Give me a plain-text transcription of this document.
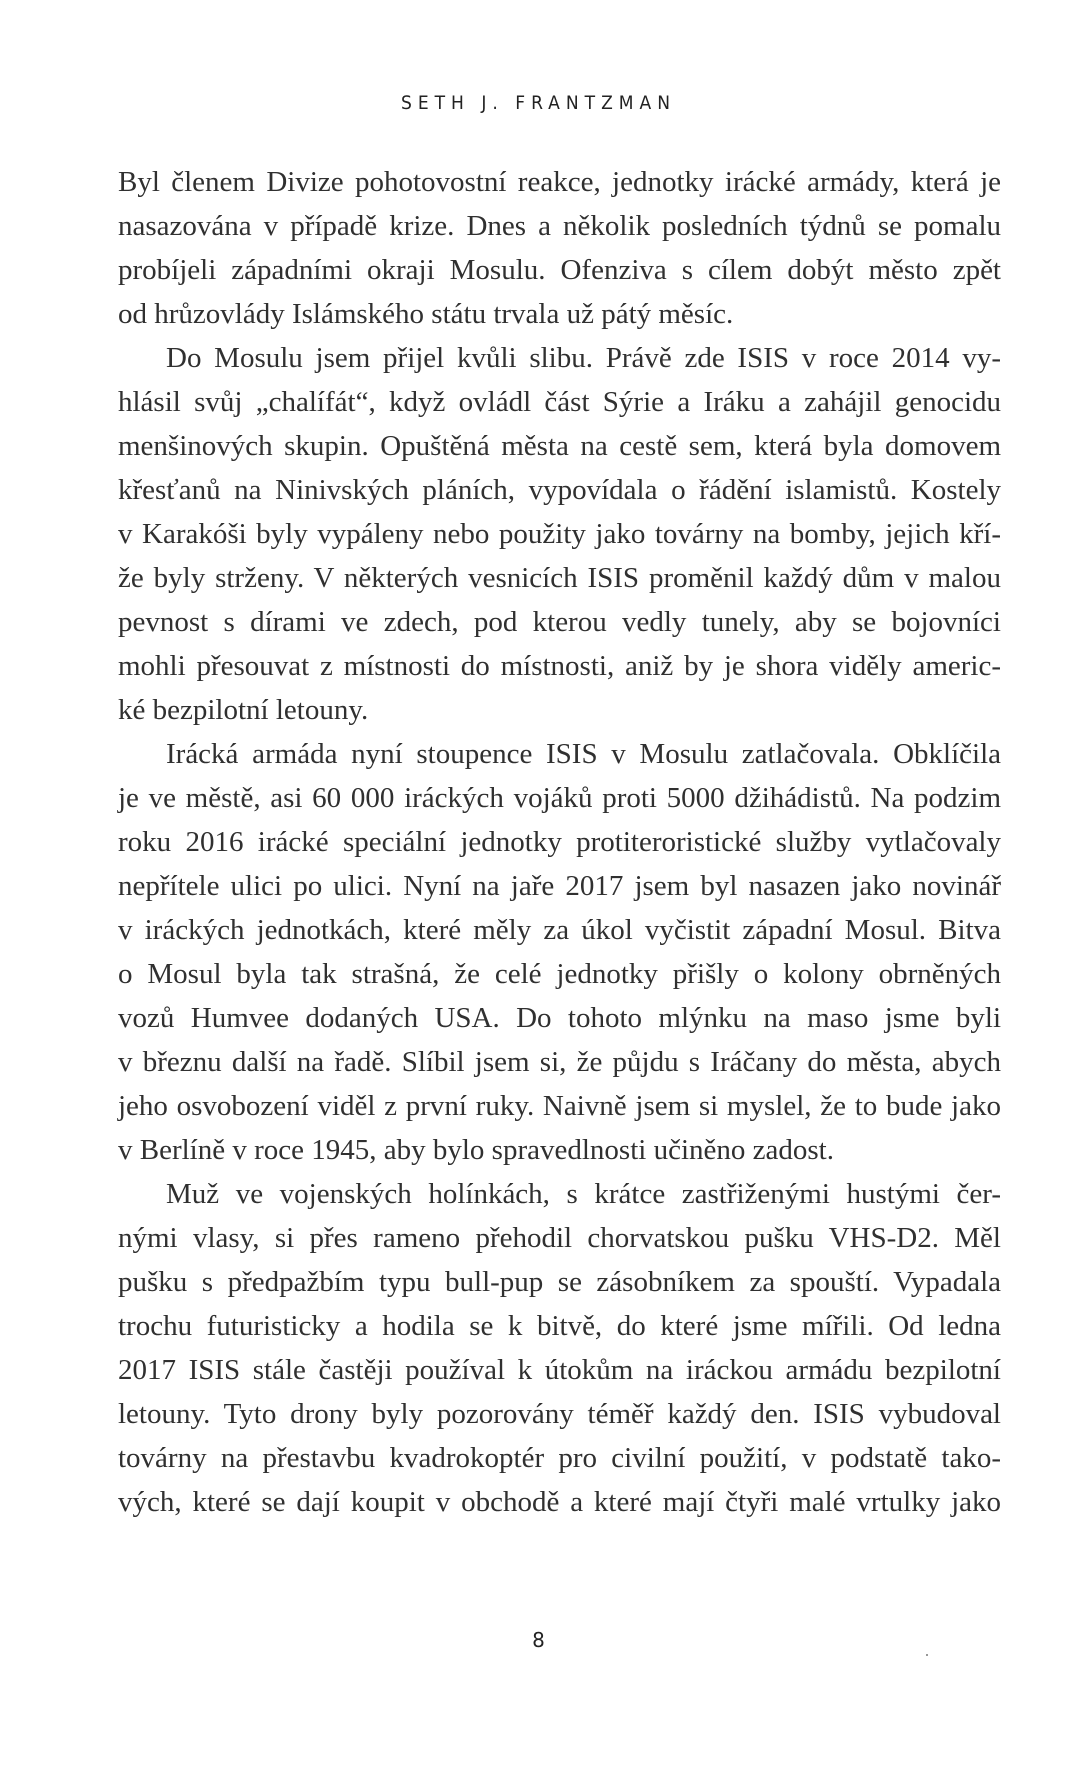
SETH J. FRANTZMAN

Byl členem Divize pohotovostní reakce, jednotky irácké armády, která je

nasazována v případě krize. Dnes a několik posledních týdnů se pomalu

probíjeli západními okraji Mosulu. Ofenziva s cílem dobýt město zpět

od hrůzovlády Islámského státu trvala už pátý měsíc.

Do Mosulu jsem přijel kvůli slibu. Právě zde ISIS v roce 2014 vy-

hlásil svůj „chalífát“, když ovládl část Sýrie a Iráku a zahájil genocidu

menšinových skupin. Opuštěná města na cestě sem, která byla domovem

křesťanů na Ninivských pláních, vypovídala o řádění islamistů. Kostely

v Karakóši byly vypáleny nebo použity jako továrny na bomby, jejich kří-

že byly strženy. V některých vesnicích ISIS proměnil každý dům v malou

pevnost s dírami ve zdech, pod kterou vedly tunely, aby se bojovníci

mohli přesouvat z místnosti do místnosti, aniž by je shora viděly americ-

ké bezpilotní letouny.

Irácká armáda nyní stoupence ISIS v Mosulu zatlačovala. Obklíčila

je ve městě, asi 60 000 iráckých vojáků proti 5000 džihádistů. Na podzim

roku 2016 irácké speciální jednotky protiteroristické služby vytlačovaly

nepřítele ulici po ulici. Nyní na jaře 2017 jsem byl nasazen jako novinář

v iráckých jednotkách, které měly za úkol vyčistit západní Mosul. Bitva

o Mosul byla tak strašná, že celé jednotky přišly o kolony obrněných

vozů Humvee dodaných USA. Do tohoto mlýnku na maso jsme byli

v březnu další na řadě. Slíbil jsem si, že půjdu s Iráčany do města, abych

jeho osvobození viděl z první ruky. Naivně jsem si myslel, že to bude jako

v Berlíně v roce 1945, aby bylo spravedlnosti učiněno zadost.

Muž ve vojenských holínkách, s krátce zastřiženými hustými čer-

nými vlasy, si přes rameno přehodil chorvatskou pušku VHS-D2. Měl

pušku s předpažbím typu bull-pup se zásobníkem za spouští. Vypadala

trochu futuristicky a hodila se k bitvě, do které jsme mířili. Od ledna

2017 ISIS stále častěji používal k útokům na iráckou armádu bezpilotní

letouny. Tyto drony byly pozorovány téměř každý den. ISIS vybudoval

továrny na přestavbu kvadrokoptér pro civilní použití, v podstatě tako-

vých, které se dají koupit v obchodě a které mají čtyři malé vrtulky jako

8
